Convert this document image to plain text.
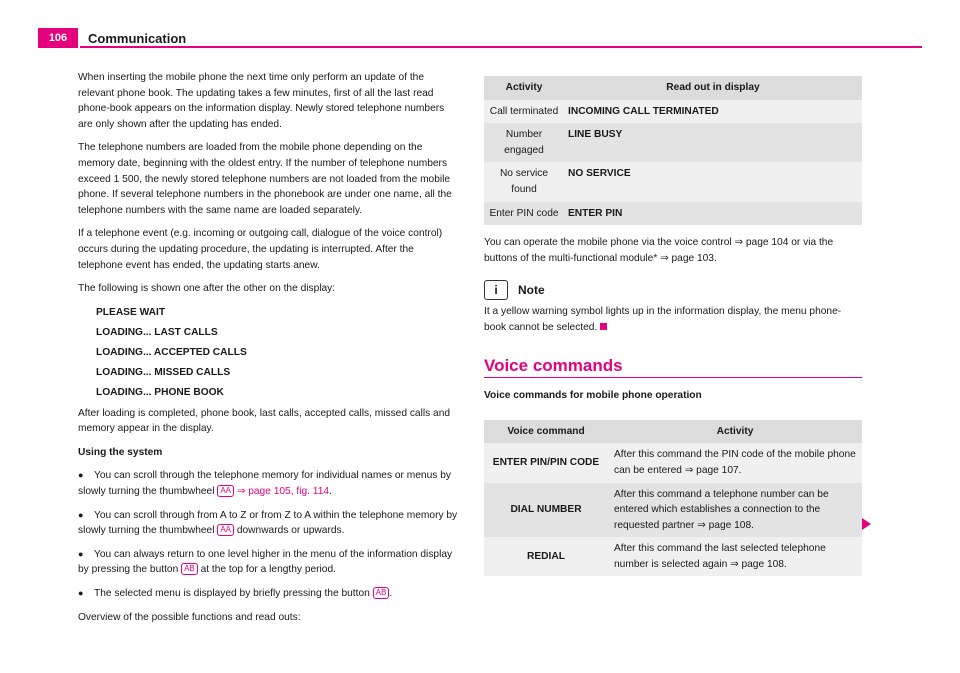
106	Communication

When inserting the mobile phone the next time only perform an update of the relevant phone book. The updating takes a few minutes, first of all the last read phone-book appears on the information display. Newly stored telephone numbers are only shown after the updating has ended.

The telephone numbers are loaded from the mobile phone depending on the memory date, beginning with the oldest entry. If the number of telephone numbers exceed 1 500, the newly stored telephone numbers are not loaded from the mobile phone. If several telephone numbers in the phonebook are under one name, all the telephone numbers with the same name are loaded separately.

If a telephone event (e.g. incoming or outgoing call, dialogue of the voice control) occurs during the updating procedure, the updating is interrupted. After the telephone event has ended, the updating starts anew.

The following is shown one after the other on the display:

PLEASE WAIT
LOADING... LAST CALLS
LOADING... ACCEPTED CALLS
LOADING... MISSED CALLS
LOADING... PHONE BOOK

After loading is completed, phone book, last calls, accepted calls, missed calls and memory appear in the display.

Using the system

● You can scroll through the telephone memory for individual names or menus by slowly turning the thumbwheel AA ⇒ page 105, fig. 114.

● You can scroll through from A to Z or from Z to A within the telephone memory by slowly turning the thumbwheel AA downwards or upwards.

● You can always return to one level higher in the menu of the information display by pressing the button AB at the top for a lengthy period.

● The selected menu is displayed by briefly pressing the button AB .

Overview of the possible functions and read outs:

Activity	Read out in display
Call terminated	INCOMING CALL TERMINATED
Number engaged	LINE BUSY
No service found	NO SERVICE
Enter PIN code	ENTER PIN

You can operate the mobile phone via the voice control ⇒ page 104 or via the buttons of the multi-functional module* ⇒ page 103.

i	Note
It a yellow warning symbol lights up in the information display, the menu phone-book cannot be selected.
Voice commands
Voice commands for mobile phone operation
Voice command	Activity
ENTER PIN/PIN CODE	After this command the PIN code of the mobile phone can be entered ⇒ page 107.
DIAL NUMBER	After this command a telephone number can be entered which establishes a connection to the requested partner ⇒ page 108.
REDIAL	After this command the last selected telephone number is selected again ⇒ page 108.
